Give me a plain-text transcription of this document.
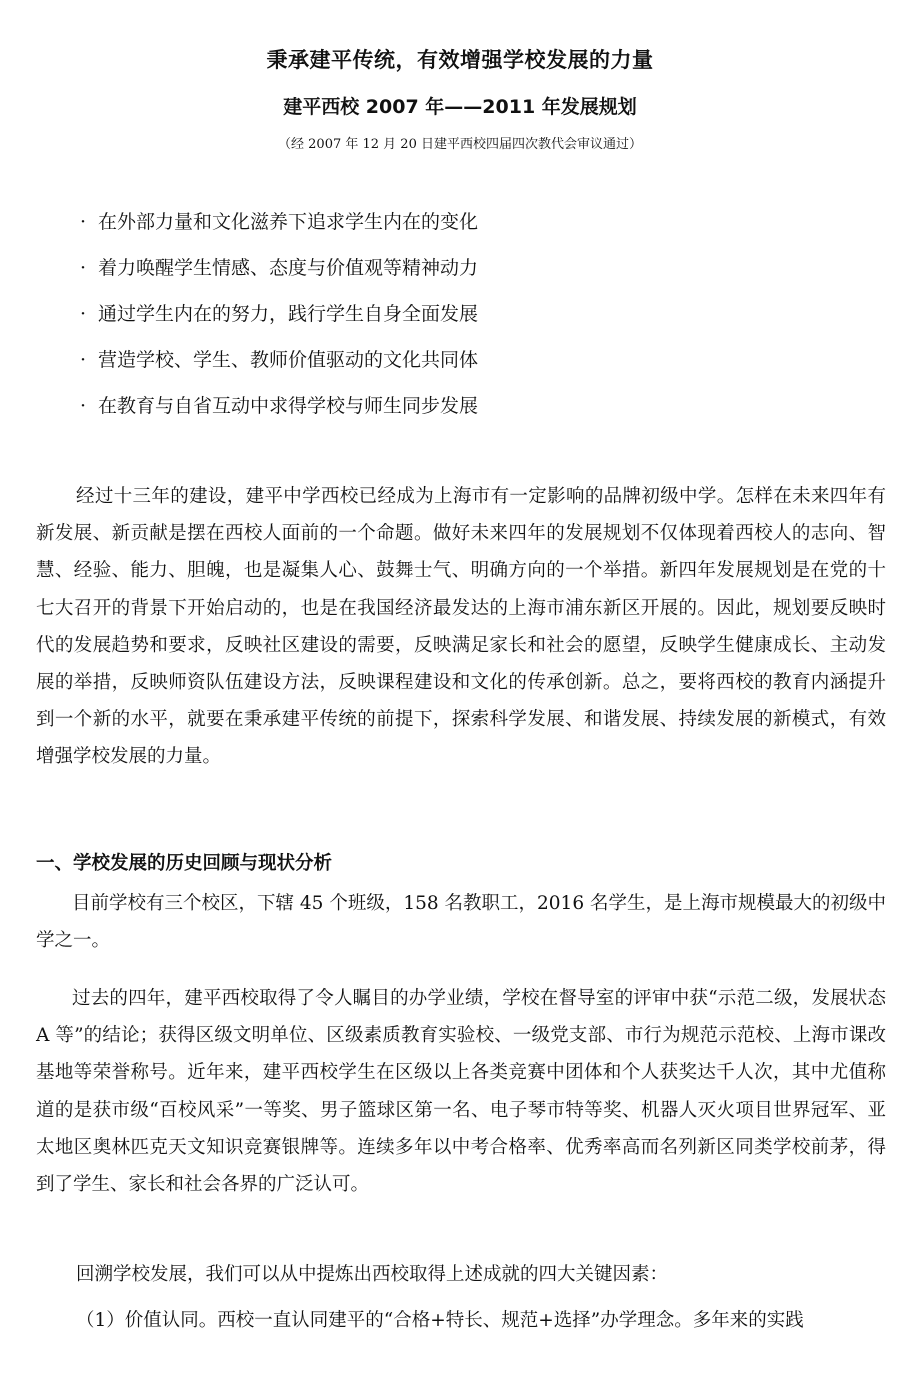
秉承建平传统，有效增强学校发展的力量
建平西校 2007 年——2011 年发展规划
（经 2007 年 12 月 20 日建平西校四届四次教代会审议通过）
· 在外部力量和文化滋养下追求学生内在的变化
· 着力唤醒学生情感、态度与价值观等精神动力
· 通过学生内在的努力，践行学生自身全面发展
· 营造学校、学生、教师价值驱动的文化共同体
· 在教育与自省互动中求得学校与师生同步发展

经过十三年的建设，建平中学西校已经成为上海市有一定影响的品牌初级中学。怎样在未来四年有新发展、新贡献是摆在西校人面前的一个命题。做好未来四年的发展规划不仅体现着西校人的志向、智慧、经验、能力、胆魄，也是凝集人心、鼓舞士气、明确方向的一个举措。新四年发展规划是在党的十七大召开的背景下开始启动的，也是在我国经济最发达的上海市浦东新区开展的。因此，规划要反映时代的发展趋势和要求，反映社区建设的需要，反映满足家长和社会的愿望，反映学生健康成长、主动发展的举措，反映师资队伍建设方法，反映课程建设和文化的传承创新。总之，要将西校的教育内涵提升到一个新的水平，就要在秉承建平传统的前提下，探索科学发展、和谐发展、持续发展的新模式，有效增强学校发展的力量。

一、学校发展的历史回顾与现状分析

目前学校有三个校区，下辖 45 个班级，158 名教职工，2016 名学生，是上海市规模最大的初级中学之一。

过去的四年，建平西校取得了令人瞩目的办学业绩，学校在督导室的评审中获“示范二级，发展状态 A 等”的结论；获得区级文明单位、区级素质教育实验校、一级党支部、市行为规范示范校、上海市课改基地等荣誉称号。近年来，建平西校学生在区级以上各类竞赛中团体和个人获奖达千人次，其中尤值称道的是获市级“百校风采”一等奖、男子篮球区第一名、电子琴市特等奖、机器人灭火项目世界冠军、亚太地区奥林匹克天文知识竞赛银牌等。连续多年以中考合格率、优秀率高而名列新区同类学校前茅，得到了学生、家长和社会各界的广泛认可。

回溯学校发展，我们可以从中提炼出西校取得上述成就的四大关键因素：

（1）价值认同。西校一直认同建平的“合格+特长、规范+选择”办学理念。多年来的实践
